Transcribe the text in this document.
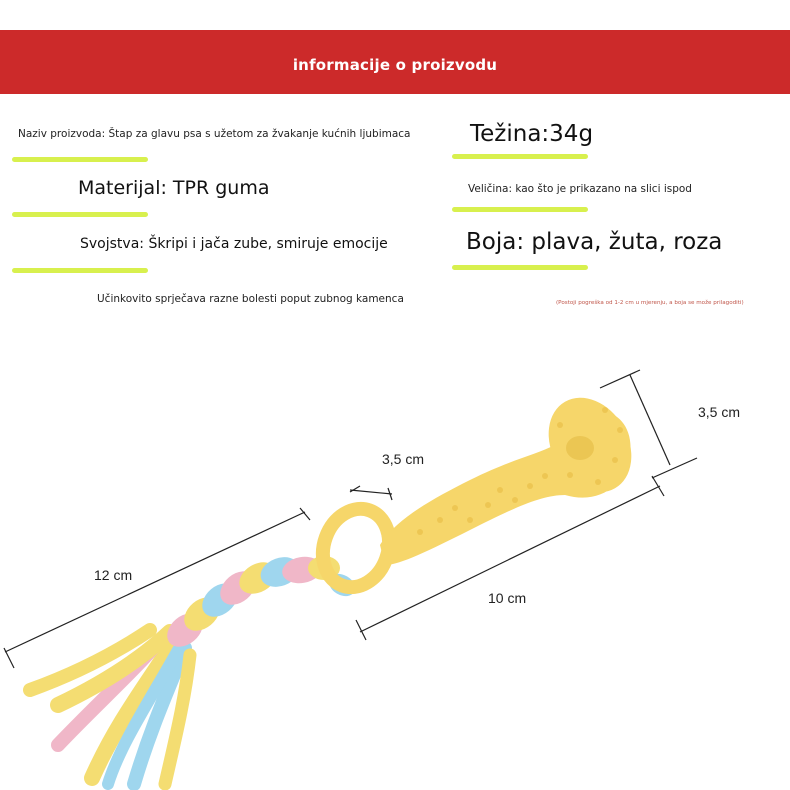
informacije o proizvodu
Naziv proizvoda: Štap za glavu psa s užetom za žvakanje kućnih ljubimaca	Težina:34g
Materijal: TPR guma	Veličina: kao što je prikazano na slici ispod
Svojstva: Škripi i jača zube, smiruje emocije	Boja: plava, žuta, roza
Učinkovito sprječava razne bolesti poput zubnog kamenca	(Postoji pogreška od 1-2 cm u mjerenju, a boja se može prilagoditi)
3,5 cm
3,5 cm
12 cm
10 cm
